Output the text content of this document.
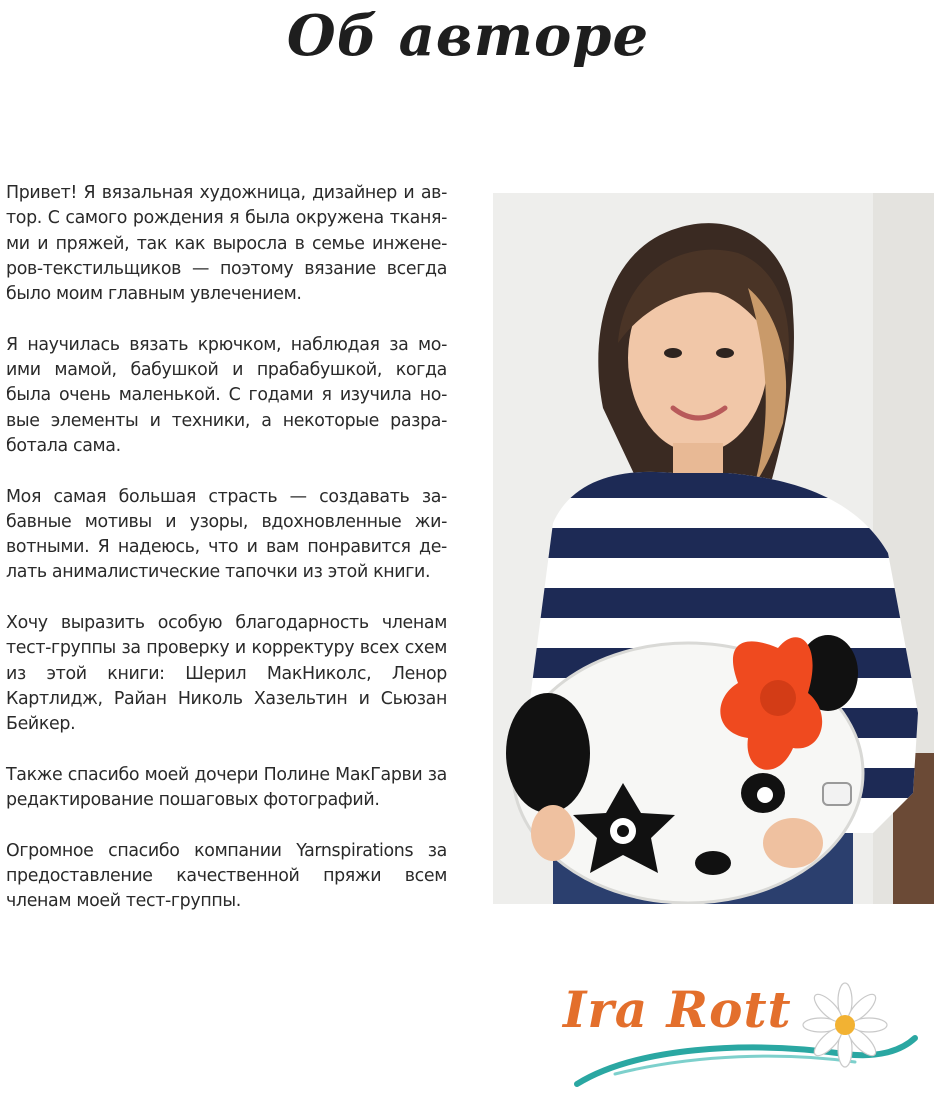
Об авторе

Привет! Я вязальная художница, дизайнер и ав-тор. С самого рождения я была окружена тканя-ми и пряжей, так как выросла в семье инжене-ров-текстильщиков — поэтому вязание всегда было моим главным увлечением.

Я научилась вязать крючком, наблюдая за мо-ими мамой, бабушкой и прабабушкой, когда была очень маленькой. С годами я изучила но-вые элементы и техники, а некоторые разра-ботала сама.

Моя самая большая страсть — создавать за-бавные мотивы и узоры, вдохновленные жи-вотными. Я надеюсь, что и вам понравится де-лать анималистические тапочки из этой книги.

Хочу выразить особую благодарность членам тест-группы за проверку и корректуру всех схем из этой книги: Шерил МакНиколс, Ленор Картлидж, Райан Николь Хазельтин и Сьюзан Бейкер.

Также спасибо моей дочери Полине МакГарви за редактирование пошаговых фотографий.

Огромное спасибо компании Yarnspirations за предоставление качественной пряжи всем членам моей тест-группы.

Ira Rott
